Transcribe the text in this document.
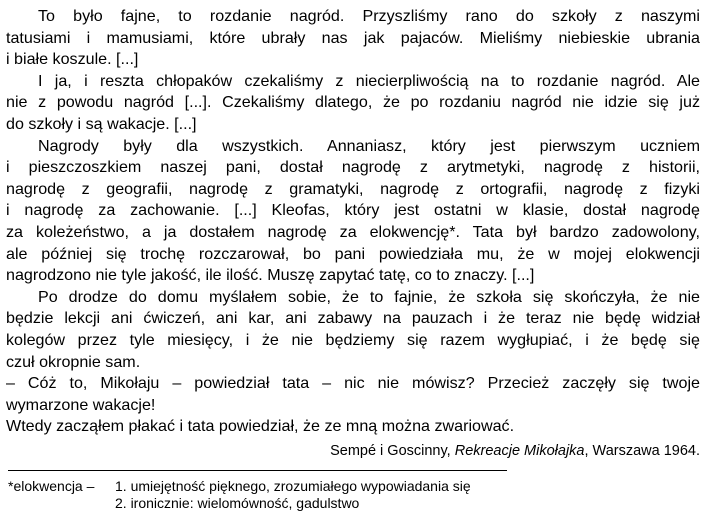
To było fajne, to rozdanie nagród. Przyszliśmy rano do szkoły z naszymi

tatusiami i mamusiami, które ubrały nas jak pajaców. Mieliśmy niebieskie ubrania

i białe koszule. [...]

I ja, i reszta chłopaków czekaliśmy z niecierpliwością na to rozdanie nagród. Ale

nie z powodu nagród [...]. Czekaliśmy dlatego, że po rozdaniu nagród nie idzie się już

do szkoły i są wakacje. [...]

Nagrody były dla wszystkich. Annaniasz, który jest pierwszym uczniem

i pieszczoszkiem naszej pani, dostał nagrodę z arytmetyki, nagrodę z historii,

nagrodę z geografii, nagrodę z gramatyki, nagrodę z ortografii, nagrodę z fizyki

i nagrodę za zachowanie. [...] Kleofas, który jest ostatni w klasie, dostał nagrodę

za koleżeństwo, a ja dostałem nagrodę za elokwencję*. Tata był bardzo zadowolony,

ale później się trochę rozczarował, bo pani powiedziała mu, że w mojej elokwencji

nagrodzono nie tyle jakość, ile ilość. Muszę zapytać tatę, co to znaczy. [...]

Po drodze do domu myślałem sobie, że to fajnie, że szkoła się skończyła, że nie

będzie lekcji ani ćwiczeń, ani kar, ani zabawy na pauzach i że teraz nie będę widział

kolegów przez tyle miesięcy, i że nie będziemy się razem wygłupiać, i że będę się

czuł okropnie sam.

– Cóż to, Mikołaju – powiedział tata – nic nie mówisz? Przecież zaczęły się twoje

wymarzone wakacje!

Wtedy zacząłem płakać i tata powiedział, że ze mną można zwariować.

Sempé i Goscinny, Rekreacje Mikołajka, Warszawa 1964.
*elokwencja – 1. umiejętność pięknego, zrozumiałego wypowiadania się
2. ironicznie: wielomówność, gadulstwo
